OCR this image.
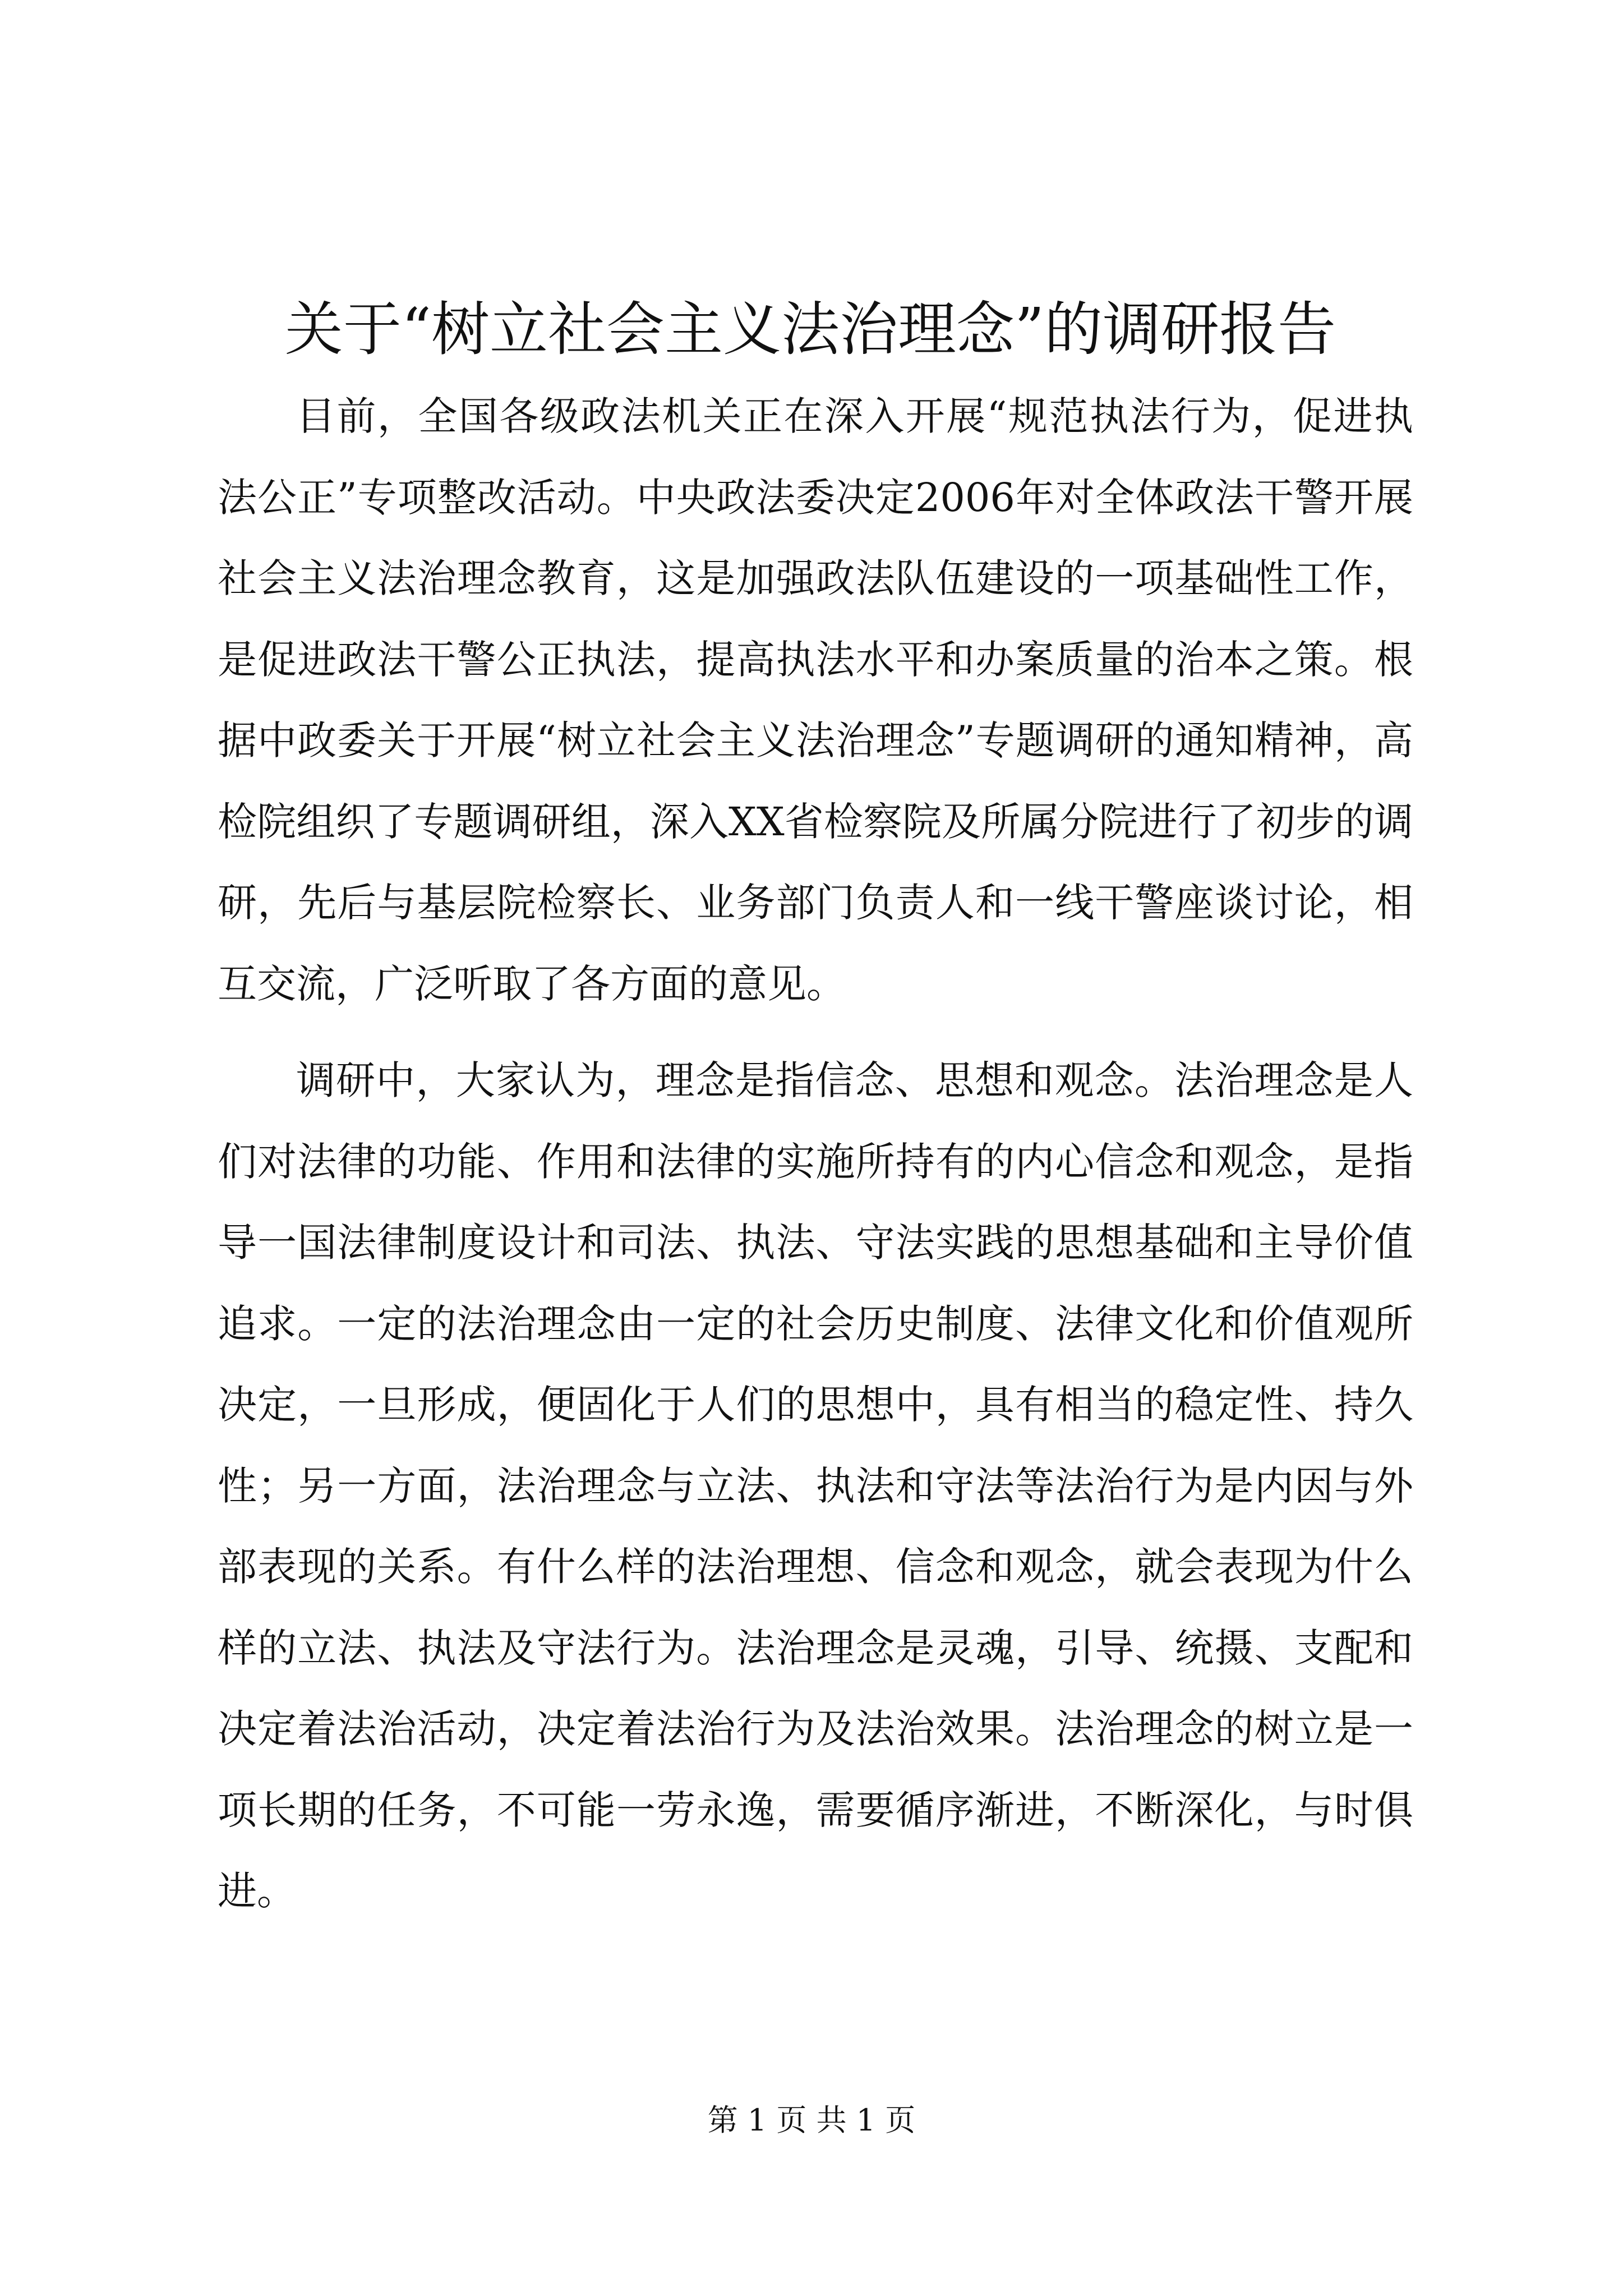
关于“树立社会主义法治理念”的调研报告

目前，全国各级政法机关正在深入开展“规范执法行为，促进执法公正”专项整改活动。中央政法委决定2006年对全体政法干警开展社会主义法治理念教育，这是加强政法队伍建设的一项基础性工作，是促进政法干警公正执法，提高执法水平和办案质量的治本之策。根据中政委关于开展“树立社会主义法治理念”专题调研的通知精神，高检院组织了专题调研组，深入XX省检察院及所属分院进行了初步的调研，先后与基层院检察长、业务部门负责人和一线干警座谈讨论，相互交流，广泛听取了各方面的意见。

调研中，大家认为，理念是指信念、思想和观念。法治理念是人们对法律的功能、作用和法律的实施所持有的内心信念和观念，是指导一国法律制度设计和司法、执法、守法实践的思想基础和主导价值追求。一定的法治理念由一定的社会历史制度、法律文化和价值观所决定，一旦形成，便固化于人们的思想中，具有相当的稳定性、持久性；另一方面，法治理念与立法、执法和守法等法治行为是内因与外部表现的关系。有什么样的法治理想、信念和观念，就会表现为什么样的立法、执法及守法行为。法治理念是灵魂，引导、统摄、支配和决定着法治活动，决定着法治行为及法治效果。法治理念的树立是一项长期的任务，不可能一劳永逸，需要循序渐进，不断深化，与时俱进。

第 1 页 共 1 页
